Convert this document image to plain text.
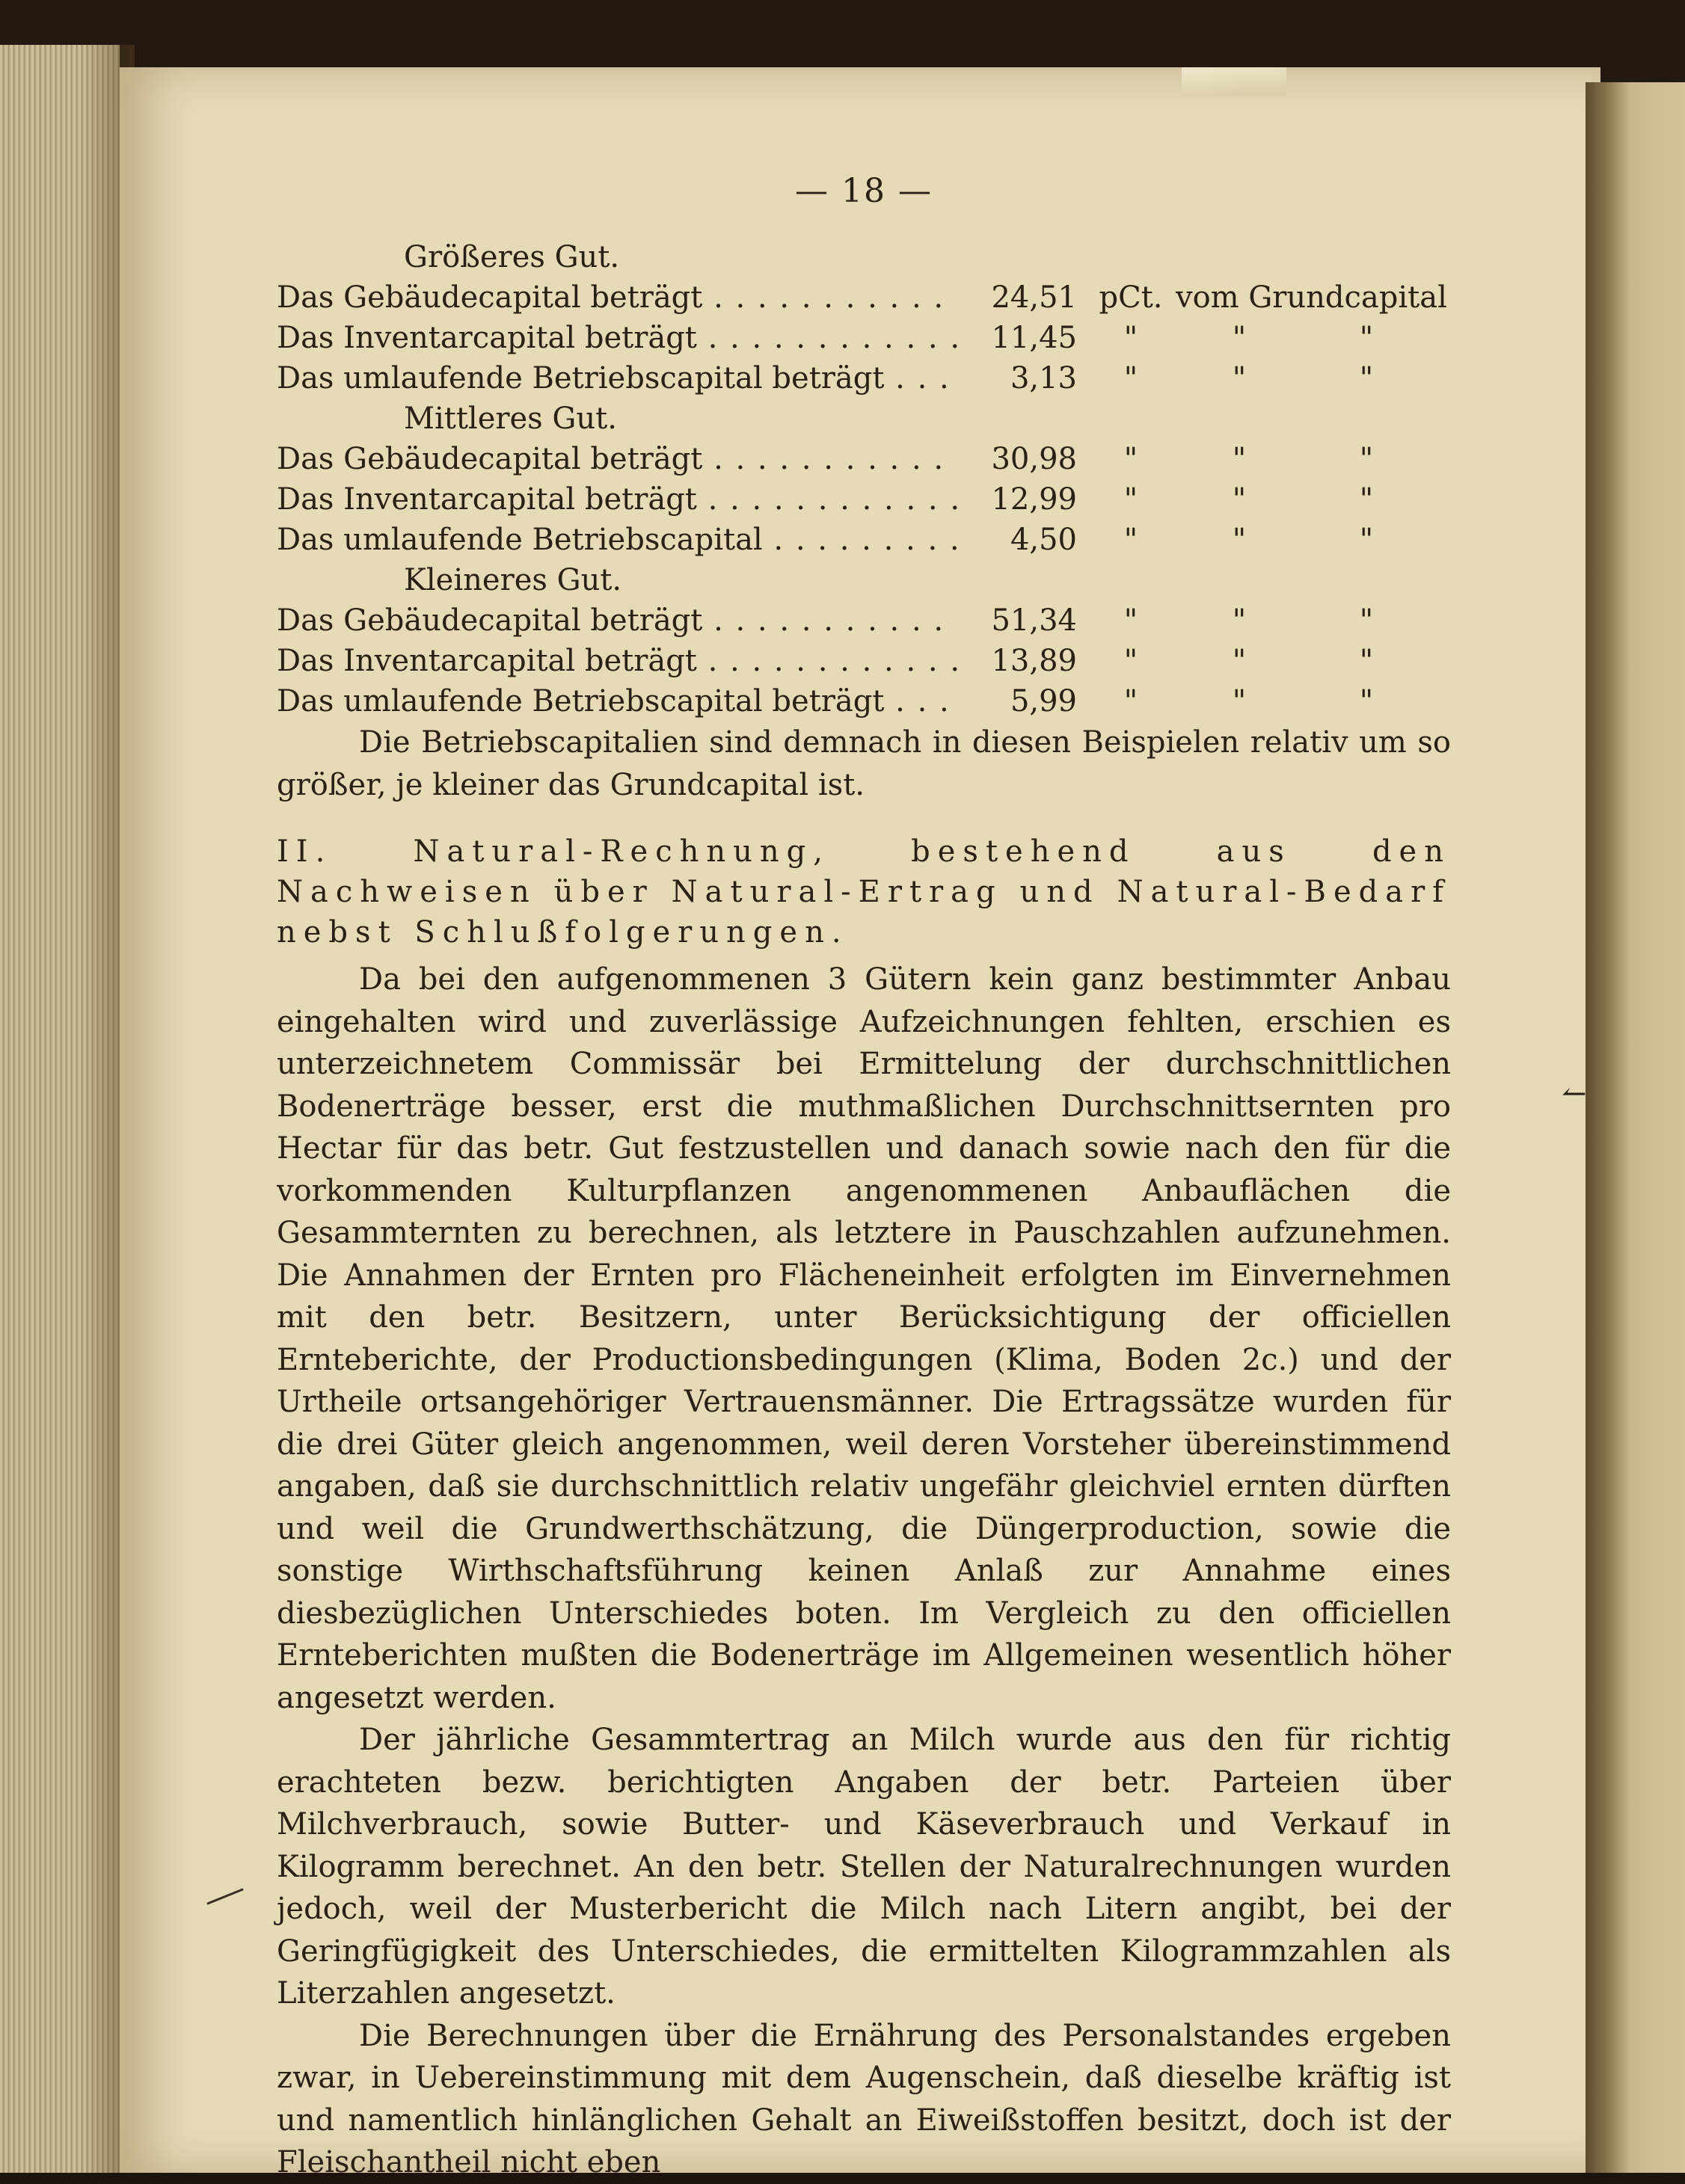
— 18 —
Größeres Gut.
Das Gebäudecapital beträgt . . .	24,51 pCt. vom Grundcapital
Das Inventarcapital beträgt . . .	11,45	"	"	"
Das umlaufende Betriebscapital beträgt . . .	3,13	"	"	"
Mittleres Gut.
Das Gebäudecapital beträgt . . .	30,98	"	"	"
Das Inventarcapital beträgt . . .	12,99	"	"	"
Das umlaufende Betriebscapital . . .	4,50	"	"	"
Kleineres Gut.
Das Gebäudecapital beträgt . . .	51,34	"	"	"
Das Inventarcapital beträgt . . .	13,89	"	"	"
Das umlaufende Betriebscapital beträgt . . .	5,99	"	"	"

Die Betriebscapitalien sind demnach in diesen Beispielen relativ um so größer, je kleiner das Grundcapital ist.

II. Natural-Rechnung, bestehend aus den Nachweisen über Natural-Ertrag und Natural-Bedarf nebst Schlußfolgerungen.

Da bei den aufgenommenen 3 Gütern kein ganz bestimmter Anbau eingehalten wird und zuverlässige Aufzeichnungen fehlten, erschien es unterzeichnetem Commissär bei Ermittelung der durchschnittlichen Bodenerträge besser, erst die muthmaßlichen Durchschnittsernten pro Hectar für das betr. Gut festzustellen und danach sowie nach den für die vorkommenden Kulturpflanzen angenommenen Anbauflächen die Gesammternten zu berechnen, als letztere in Pauschzahlen aufzunehmen. Die Annahmen der Ernten pro Flächeneinheit erfolgten im Einvernehmen mit den betr. Besitzern, unter Berücksichtigung der officiellen Ernteberichte, der Productionsbedingungen (Klima, Boden 2c.) und der Urtheile ortsangehöriger Vertrauensmänner. Die Ertragssätze wurden für die drei Güter gleich angenommen, weil deren Vorsteher übereinstimmend angaben, daß sie durchschnittlich relativ ungefähr gleichviel ernten dürften und weil die Grundwerthschätzung, die Düngerproduction, sowie die sonstige Wirthschaftsführung keinen Anlaß zur Annahme eines diesbezüglichen Unterschiedes boten. Im Vergleich zu den officiellen Ernteberichten mußten die Bodenerträge im Allgemeinen wesentlich höher angesetzt werden.

Der jährliche Gesammtertrag an Milch wurde aus den für richtig erachteten bezw. berichtigten Angaben der betr. Parteien über Milchverbrauch, sowie Butter- und Käseverbrauch und Verkauf in Kilogramm berechnet. An den betr. Stellen der Naturalrechnungen wurden jedoch, weil der Musterbericht die Milch nach Litern angibt, bei der Geringfügigkeit des Unterschiedes, die ermittelten Kilogrammzahlen als Literzahlen angesetzt.

Die Berechnungen über die Ernährung des Personalstandes ergeben zwar, in Uebereinstimmung mit dem Augenschein, daß dieselbe kräftig ist und namentlich hinlänglichen Gehalt an Eiweißstoffen besitzt, doch ist der Fleischantheil nicht eben

↼
